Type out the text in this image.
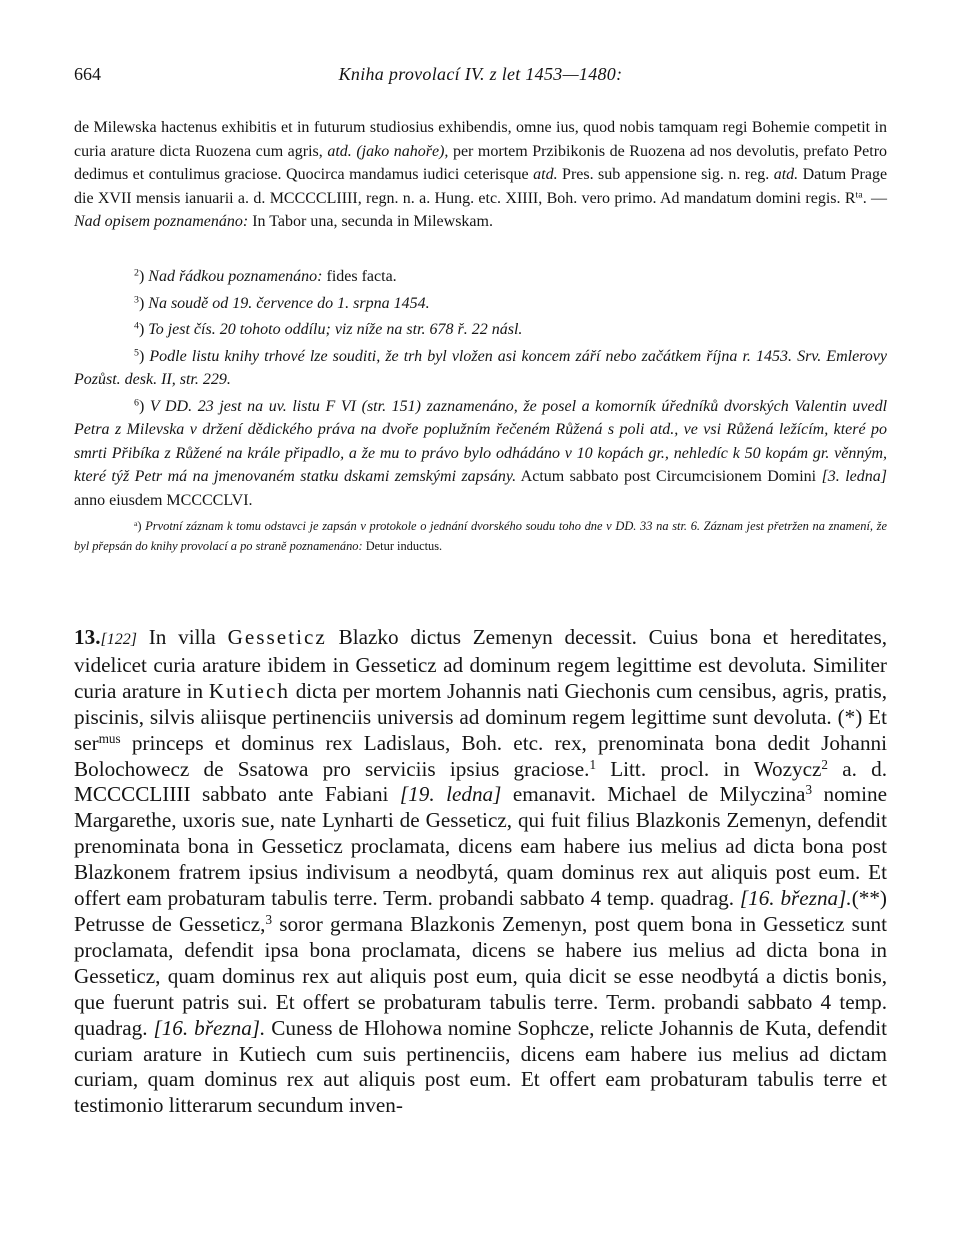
664	Kniha provolací IV. z let 1453—1480:

de Milewska hactenus exhibitis et in futurum studiosius exhibendis, omne ius, quod nobis tamquam regi Bohemie competit in curia arature dicta Ruozena cum agris, atd. (jako nahoře), per mortem Przibikonis de Ruozena ad nos devolutis, prefato Petro dedimus et contulimus graciose. Quocirca mandamus iudici ceterisque atd. Pres. sub appensione sig. n. reg. atd. Datum Prage die XVII mensis ianuarii a. d. MCCCCLIIII, regn. n. a. Hung. etc. XIIII, Boh. vero primo. Ad mandatum domini regis. $R^{ta}$. — Nad opisem poznamenáno: In Tabor una, secunda in Milewskam.

$^2$) Nad řádkou poznamenáno: fides facta.

$^3$) Na soudě od 19. července do 1. srpna 1454.

$^4$) To jest čís. 20 tohoto oddílu; viz níže na str. 678 ř. 22 násl.

$^5$) Podle listu knihy trhové lze souditi, že trh byl vložen asi koncem září nebo začátkem října r. 1453. Srv. Emlerovy Pozůst. desk. II, str. 229.

$^6$) V DD. 23 jest na uv. listu F VI (str. 151) zaznamenáno, že posel a komorník úředníků dvorských Valentin uvedl Petra z Milevska v držení dědického práva na dvoře poplužním řečeném Růžená s poli atd., ve vsi Růžená ležícím, které po smrti Přibíka z Růžené na krále připadlo, a že mu to právo bylo odhádáno v 10 kopách gr., nehledíc k 50 kopám gr. věnným, které týž Petr má na jmenovaném statku dskami zemskými zapsány. Actum sabbato post Circumcisionem Domini [3. ledna] anno eiusdem MCCCCLVI.

$^a$) Prvotní záznam k tomu odstavci je zapsán v protokole o jednání dvorského soudu toho dne v DD. 33 na str. 6. Záznam jest přetržen na znamení, že byl přepsán do knihy provolací a po straně poznamenáno: Detur inductus.

13.[122] In villa Gesseticz Blazko dictus Zemenyn decessit. Cuius bona et hereditates, videlicet curia arature ibidem in Gesseticz ad dominum regem legittime est devoluta. Similiter curia arature in Kutiech dicta per mortem Johannis nati Giechonis cum censibus, agris, pratis, piscinis, silvis aliisque pertinenciis universis ad dominum regem legittime sunt devoluta. (*) Et ser$^{mus}$ princeps et dominus rex Ladislaus, Boh. etc. rex, prenominata bona dedit Johanni Bolochowecz de Ssatowa pro serviciis ipsius graciose.$^1$ Litt. procl. in Wozycz$^2$ a. d. MCCCCLIIII sabbato ante Fabiani [19. ledna] emanavit. Michael de Milyczina$^3$ nomine Margarethe, uxoris sue, nate Lynharti de Gesseticz, qui fuit filius Blazkonis Zemenyn, defendit prenominata bona in Gesseticz proclamata, dicens eam habere ius melius ad dicta bona post Blazkonem fratrem ipsius indivisum a neodbytá, quam dominus rex aut aliquis post eum. Et offert eam probaturam tabulis terre. Term. probandi sabbato 4 temp. quadrag. [16. března].(**) Petrusse de Gesseticz,$^3$ soror germana Blazkonis Zemenyn, post quem bona in Gesseticz sunt proclamata, defendit ipsa bona proclamata, dicens se habere ius melius ad dicta bona in Gesseticz, quam dominus rex aut aliquis post eum, quia dicit se esse neodbytá a dictis bonis, que fuerunt patris sui. Et offert se probaturam tabulis terre. Term. probandi sabbato 4 temp. quadrag. [16. března]. Cuness de Hlohowa nomine Sophcze, relicte Johannis de Kuta, defendit curiam arature in Kutiech cum suis pertinenciis, dicens eam habere ius melius ad dictam curiam, quam dominus rex aut aliquis post eum. Et offert eam probaturam tabulis terre et testimonio litterarum secundum inven-
